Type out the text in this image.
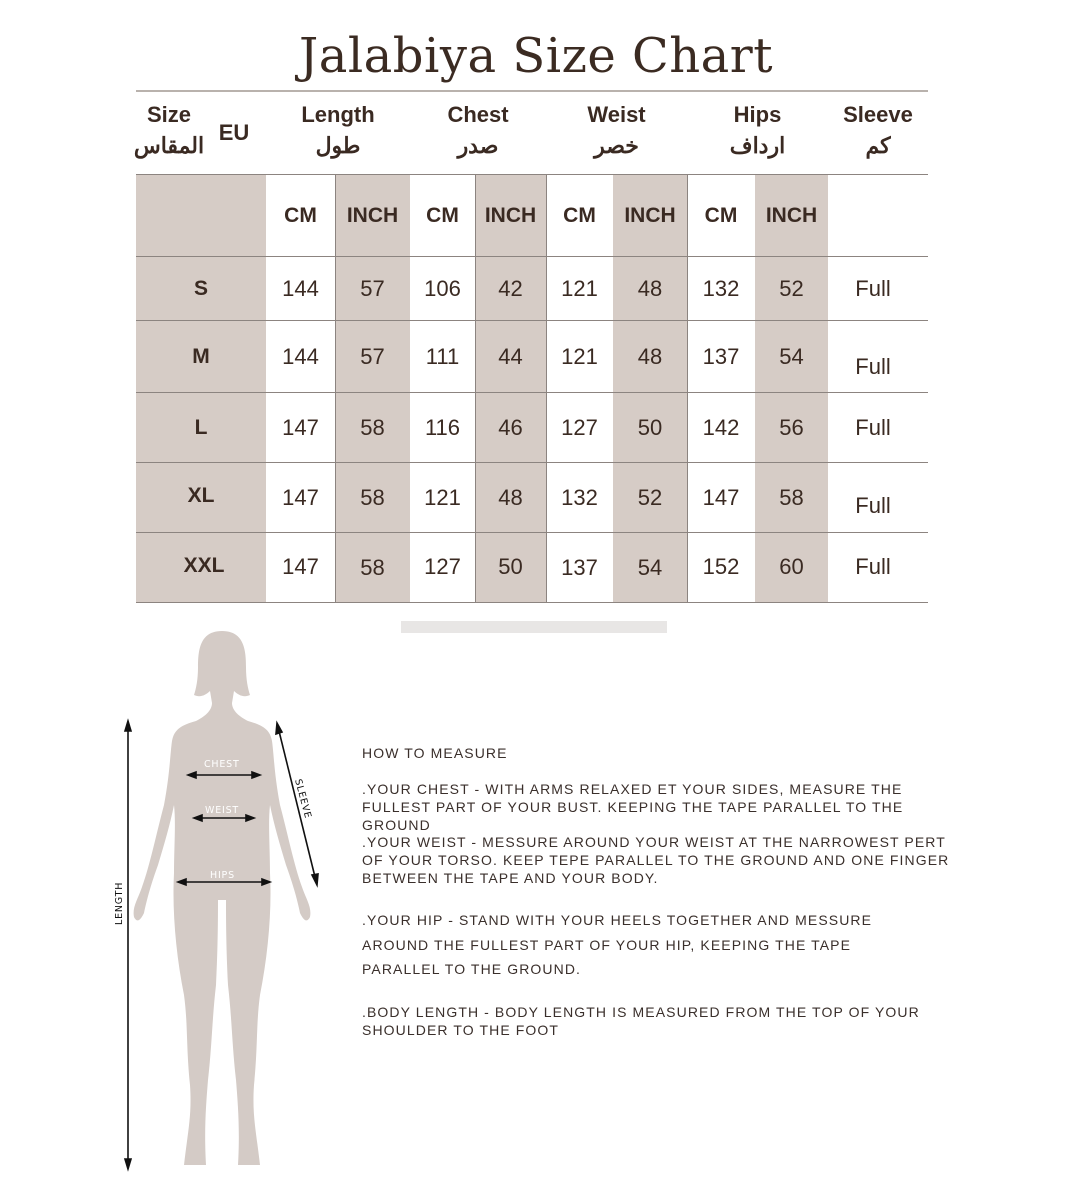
Jalabiya Size Chart
Size
المقاس
EU
Length
طول
Chest
صدر
Weist
خصر
Hips
ارداف
Sleeve
كم
CM	INCH	CM	INCH	CM	INCH	CM	INCH
S	144	57	106	42	121	48	132	52	Full
M	144	57	111	44	121	48	137	54	Full
L	147	58	116	46	127	50	142	56	Full
XL	147	58	121	48	132	52	147	58	Full
XXL	147	58	127	50	137	54	152	60	Full
CHEST
WEIST
HIPS
SLEEVE
LENGTH
HOW TO MEASURE
.YOUR CHEST - WITH ARMS RELAXED ET YOUR SIDES, MEASURE THE FULLEST PART OF YOUR BUST. KEEPING THE TAPE PARALLEL TO THE GROUND
.YOUR WEIST - MESSURE AROUND YOUR WEIST AT THE NARROWEST PERT OF YOUR TORSO. KEEP TEPE PARALLEL TO THE GROUND AND ONE FINGER BETWEEN THE TAPE AND YOUR BODY.
.YOUR HIP - STAND WITH YOUR HEELS TOGETHER AND MESSURE AROUND THE FULLEST PART OF YOUR HIP, KEEPING THE TAPE PARALLEL TO THE GROUND.
.BODY LENGTH - BODY LENGTH IS MEASURED FROM THE TOP OF YOUR SHOULDER TO THE FOOT
